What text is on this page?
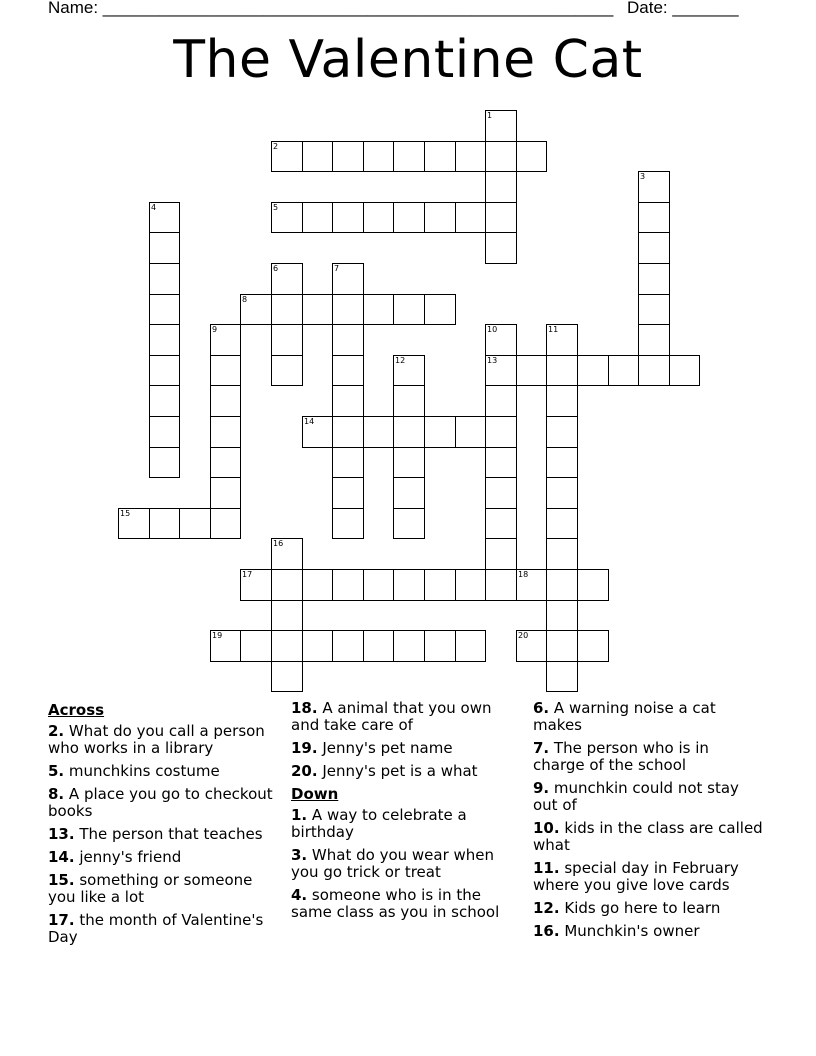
Name: ______________________________________________________ Date: _______
The Valentine Cat
1
2
3
4	5
6	7
8
9	10
13
11
12
14
15
16
17	18
19	20
Across
2. What do you call a person who works in a library
5. munchkins costume
8. A place you go to checkout books
13. The person that teaches
14. jenny's friend
15. something or someone you like a lot
17. the month of Valentine's Day
18. A animal that you own and take care of
19. Jenny's pet name
20. Jenny's pet is a what
Down
1. A way to celebrate a birthday
3. What do you wear when you go trick or treat
4. someone who is in the same class as you in school
6. A warning noise a cat makes
7. The person who is in charge of the school
9. munchkin could not stay out of
10. kids in the class are called what
11. special day in February where you give love cards
12. Kids go here to learn
16. Munchkin's owner
